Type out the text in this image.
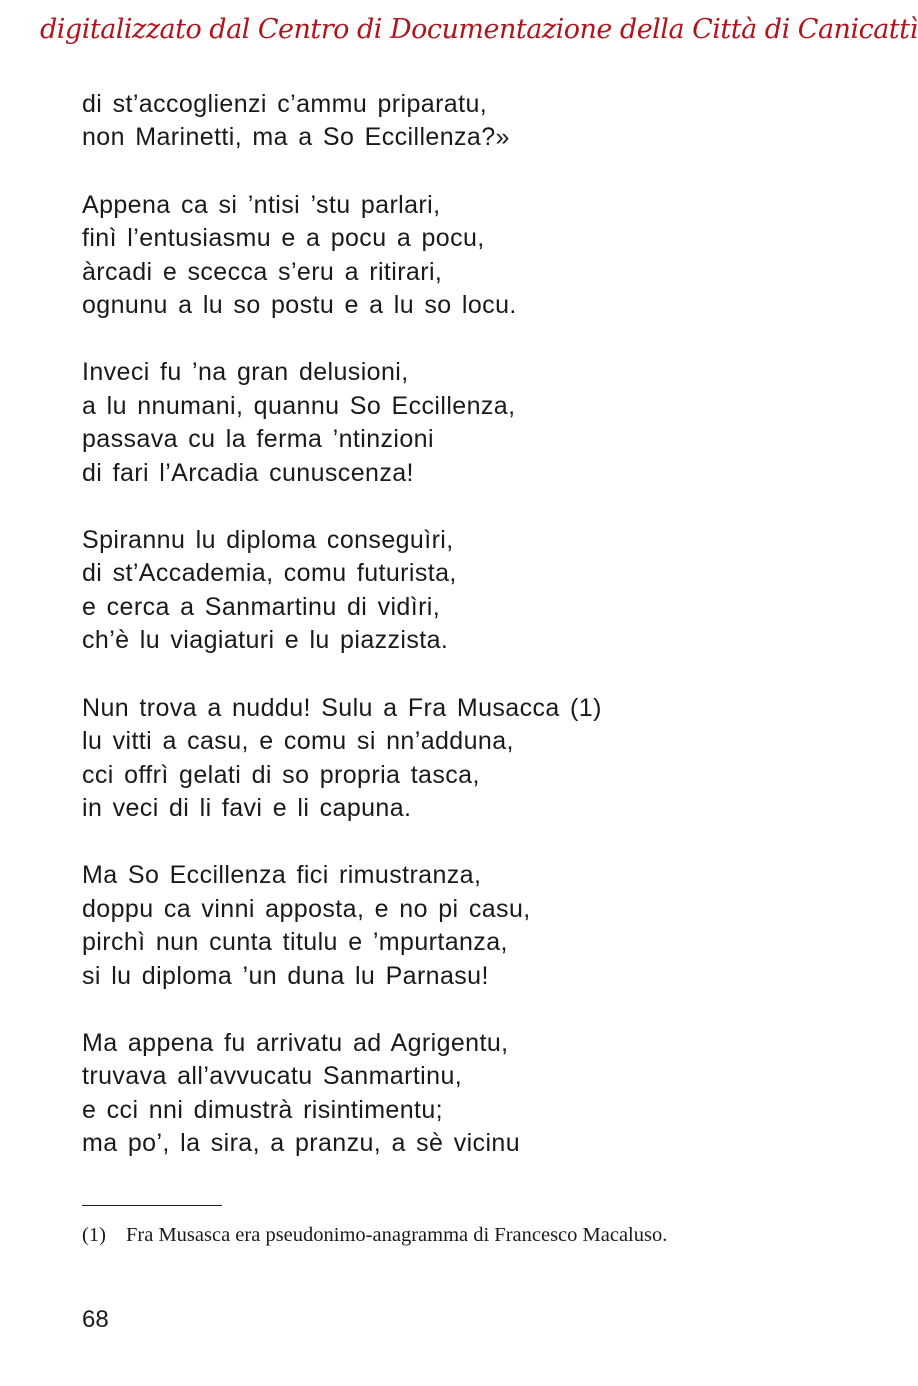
digitalizzato dal Centro di Documentazione della Città di Canicattì
di st’accoglienzi c’ammu priparatu,
non Marinetti, ma a So Eccillenza?»
Appena ca si ’ntisi ’stu parlari,
finì l’entusiasmu e a pocu a pocu,
àrcadi e scecca s’eru a ritirari,
ognunu a lu so postu e a lu so locu.
Inveci fu ’na gran delusioni,
a lu nnumani, quannu So Eccillenza,
passava cu la ferma ’ntinzioni
di fari l’Arcadia cunuscenza!
Spirannu lu diploma conseguìri,
di st’Accademia, comu futurista,
e cerca a Sanmartinu di vidìri,
ch’è lu viagiaturi e lu piazzista.
Nun trova a nuddu! Sulu a Fra Musacca (1)
lu vitti a casu, e comu si nn’adduna,
cci offrì gelati di so propria tasca,
in veci di li favi e li capuna.
Ma So Eccillenza fici rimustranza,
doppu ca vinni apposta, e no pi casu,
pirchì nun cunta titulu e ’mpurtanza,
si lu diploma ’un duna lu Parnasu!
Ma appena fu arrivatu ad Agrigentu,
truvava all’avvucatu Sanmartinu,
e cci nni dimustrà risintimentu;
ma po’, la sira, a pranzu, a sè vicinu
(1) Fra Musasca era pseudonimo-anagramma di Francesco Macaluso.
68
